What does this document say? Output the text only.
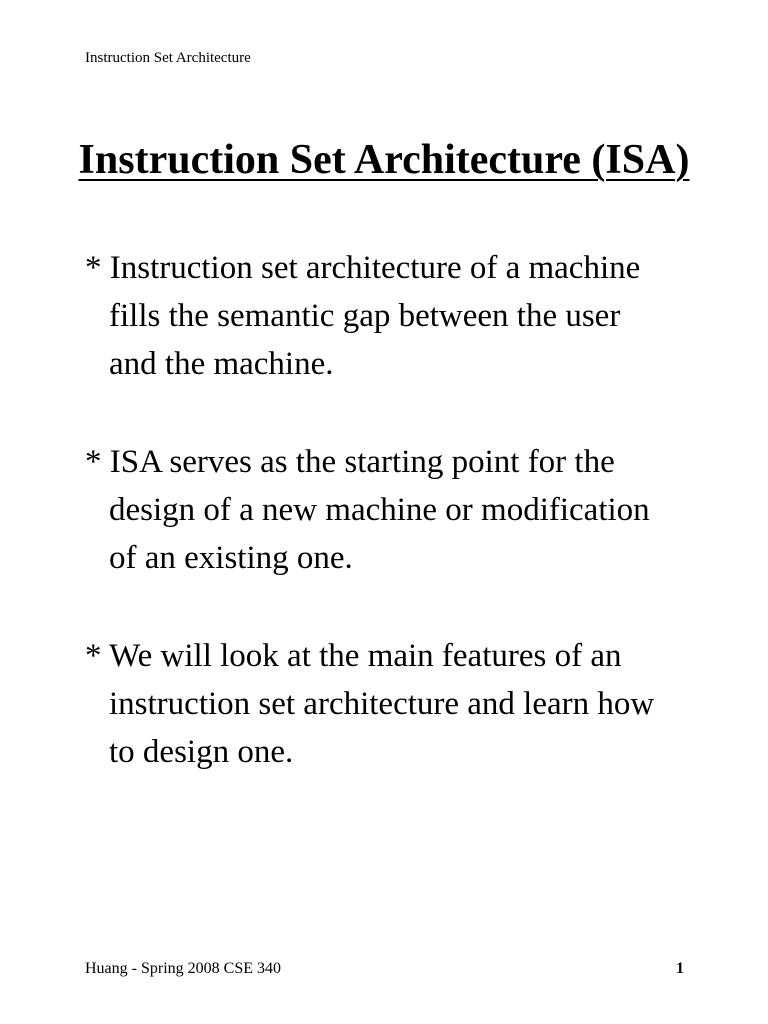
Instruction Set Architecture
Instruction Set Architecture (ISA)
* Instruction set architecture of a machine
fills the semantic gap between the user
and the machine.
* ISA serves as the starting point for the
design of a new machine or modification
of an existing one.
* We will look at the main features of an
instruction set architecture and learn how
to design one.
Huang - Spring 2008 CSE 340	1
